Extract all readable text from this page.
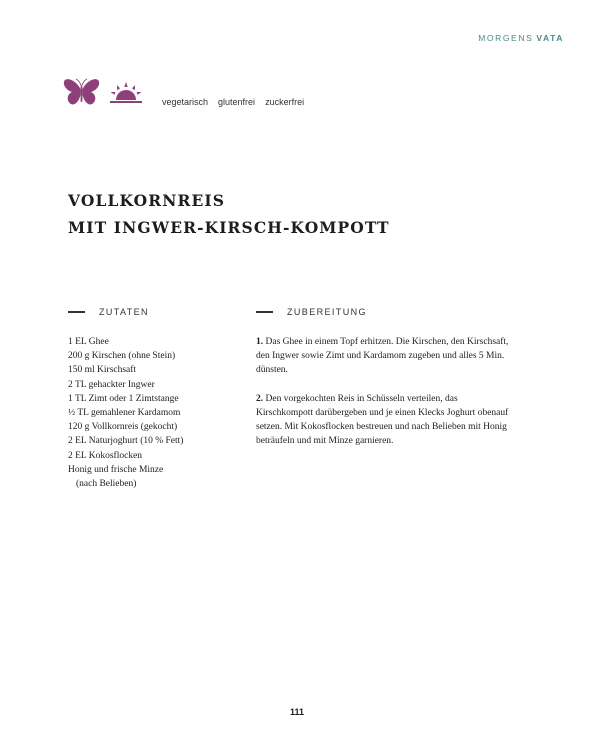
MORGENS VATA
vegetarisch glutenfrei zuckerfrei
VOLLKORNREIS
MIT INGWER-KIRSCH-KOMPOTT
ZUTATEN	ZUBEREITUNG
1 EL Ghee
200 g Kirschen (ohne Stein)
150 ml Kirschsaft
2 TL gehackter Ingwer
1 TL Zimt oder 1 Zimtstange
½ TL gemahlener Kardamom
120 g Vollkornreis (gekocht)
2 EL Naturjoghurt (10 % Fett)
2 EL Kokosflocken
Honig und frische Minze
(nach Belieben)

1. Das Ghee in einem Topf erhitzen. Die Kirschen, den Kirschsaft, den Ingwer sowie Zimt und Kardamom zugeben und alles 5 Min. dünsten.

2. Den vorgekochten Reis in Schüsseln verteilen, das Kirschkompott darübergeben und je einen Klecks Joghurt obenauf setzen. Mit Kokosflocken bestreuen und nach Belieben mit Honig beträufeln und mit Minze garnieren.

111
